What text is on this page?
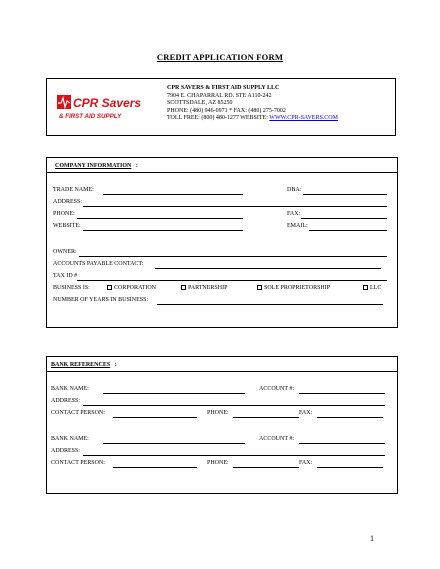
CREDIT APPLICATION FORM
CPR Savers
& FIRST AID SUPPLY
CPR SAVERS & FIRST AID SUPPLY LLC
7904 E. CHAPARRAL RD. STE A110-242
SCOTTSDALE, AZ 85250
PHONE: (480) 946-0971 * FAX: (480) 275-7002
TOLL FREE: (800) 480-1277 WEBSITE: WWW.CPR-SAVERS.COM
COMPANY INFORMATION :
TRADE NAME:	DBA:
ADDRESS:
PHONE:	FAX:
WEBSITE:	EMAIL:
OWNER:
ACCOUNTS PAYABLE CONTACT:
TAX ID #
BUSINESS IS:	CORPORATION	PARTNERSHIP	SOLE PROPRIETORSHIP	LLC
NUMBER OF YEARS IN BUSINESS:
BANK REFERENCES :
BANK NAME:	ACCOUNT #:
ADDRESS:
CONTACT PERSON:	PHONE:	FAX:
BANK NAME:	ACCOUNT #:
ADDRESS:
CONTACT PERSON:	PHONE:	FAX:
1
